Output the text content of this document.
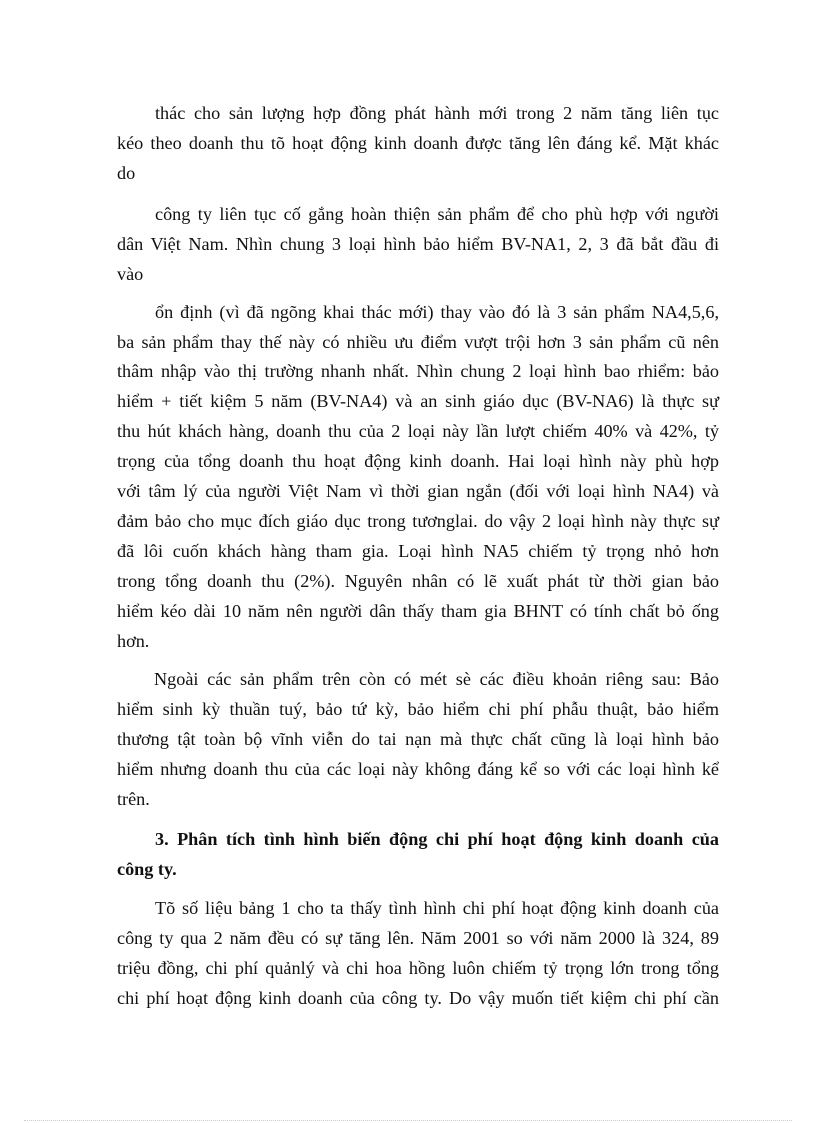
thác cho sản lượng hợp đồng phát hành mới trong 2 năm tăng liên tục
kéo theo doanh thu tõ hoạt động kinh doanh được tăng lên đáng kể. Mặt khác
do
công ty liên tục cố gắng hoàn thiện sản phẩm để cho phù hợp với người
dân Việt Nam. Nhìn chung 3 loại hình bảo hiểm BV-NA1, 2, 3 đã bắt đầu đi
vào
ổn định (vì đã ngõng khai thác mới) thay vào đó là 3 sản phẩm NA4,5,6,
ba sản phẩm thay thế này có nhiều ưu điểm vượt trội hơn 3 sản phẩm cũ nên
thâm nhập vào thị trường nhanh nhất. Nhìn chung 2 loại hình bao rhiểm: bảo
hiểm + tiết kiệm 5 năm (BV-NA4) và an sinh giáo dục (BV-NA6) là thực sự
thu hút khách hàng, doanh thu của 2 loại này lần lượt chiếm 40% và 42%, tỷ
trọng của tổng doanh thu hoạt động kinh doanh. Hai loại hình này phù hợp
với tâm lý của người Việt Nam vì thời gian ngắn (đối với loại hình NA4) và
đảm bảo cho mục đích giáo dục trong tươnglai. do vậy 2 loại hình này thực sự
đã lôi cuốn khách hàng tham gia. Loại hình NA5 chiếm tỷ trọng nhỏ hơn
trong tổng doanh thu (2%). Nguyên nhân có lẽ xuất phát từ thời gian bảo
hiểm kéo dài 10 năm nên người dân thấy tham gia BHNT có tính chất bỏ ống
hơn.
Ngoài các sản phẩm trên còn có mét sè các điều khoản riêng sau: Bảo
hiểm sinh kỳ thuần tuý, bảo tứ kỳ, bảo hiểm chi phí phẫu thuật, bảo hiểm
thương tật toàn bộ vĩnh viễn do tai nạn mà thực chất cũng là loại hình bảo
hiểm nhưng doanh thu của các loại này không đáng kể so với các loại hình kể
trên.
3. Phân tích tình hình biến động chi phí hoạt động kinh doanh của
công ty.
Tõ số liệu bảng 1 cho ta thấy tình hình chi phí hoạt động kinh doanh của
công ty qua 2 năm đều có sự tăng lên. Năm 2001 so với năm 2000 là 324, 89
triệu đồng, chi phí quảnlý và chi hoa hồng luôn chiếm tỷ trọng lớn trong tổng
chi phí hoạt động kinh doanh của công ty. Do vậy muốn tiết kiệm chi phí cần
